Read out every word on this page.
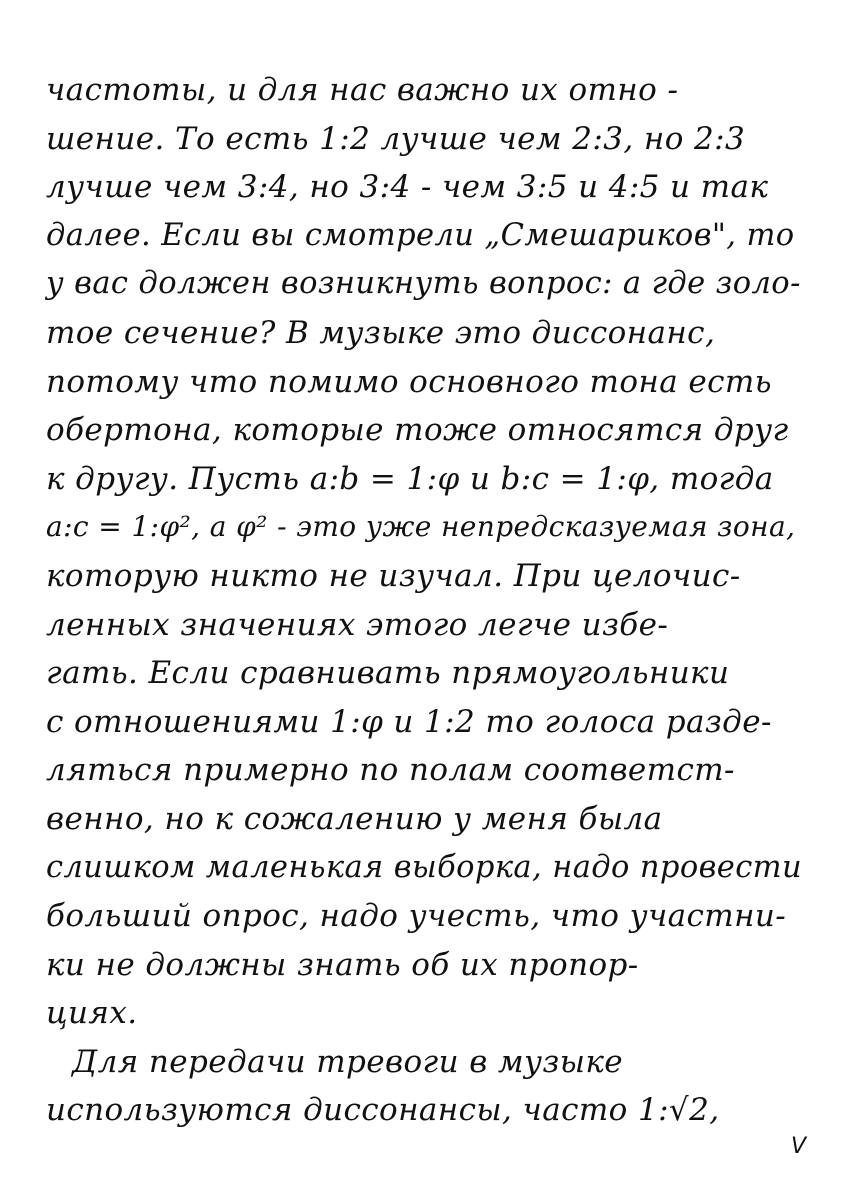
частоты, и для нас важно их отно -
шение. То есть 1:2 лучше чем 2:3, но 2:3
лучше чем 3:4, но 3:4 - чем 3:5 и 4:5 и так
далее. Если вы смотрели „Смешариков", то
у вас должен возникнуть вопрос: а где золо-
тое сечение? В музыке это диссонанс,
потому что помимо основного тона есть
обертона, которые тоже относятся друг
к другу. Пусть a:b = 1:φ и b:c = 1:φ, тогда
a:c = 1:φ², а φ² - это уже непредсказуемая зона,
которую никто не изучал. При целочис-
ленных значениях этого легче избе-
гать. Если сравнивать прямоугольники
с отношениями 1:φ и 1:2 то голоса разде-
ляться примерно по полам соответст-
венно, но к сожалению у меня была
слишком маленькая выборка, надо провести
больший опрос, надо учесть, что участни-
ки не должны знать об их пропор-
циях.
Для передачи тревоги в музыке
используются диссонансы, часто 1:√2,
V
